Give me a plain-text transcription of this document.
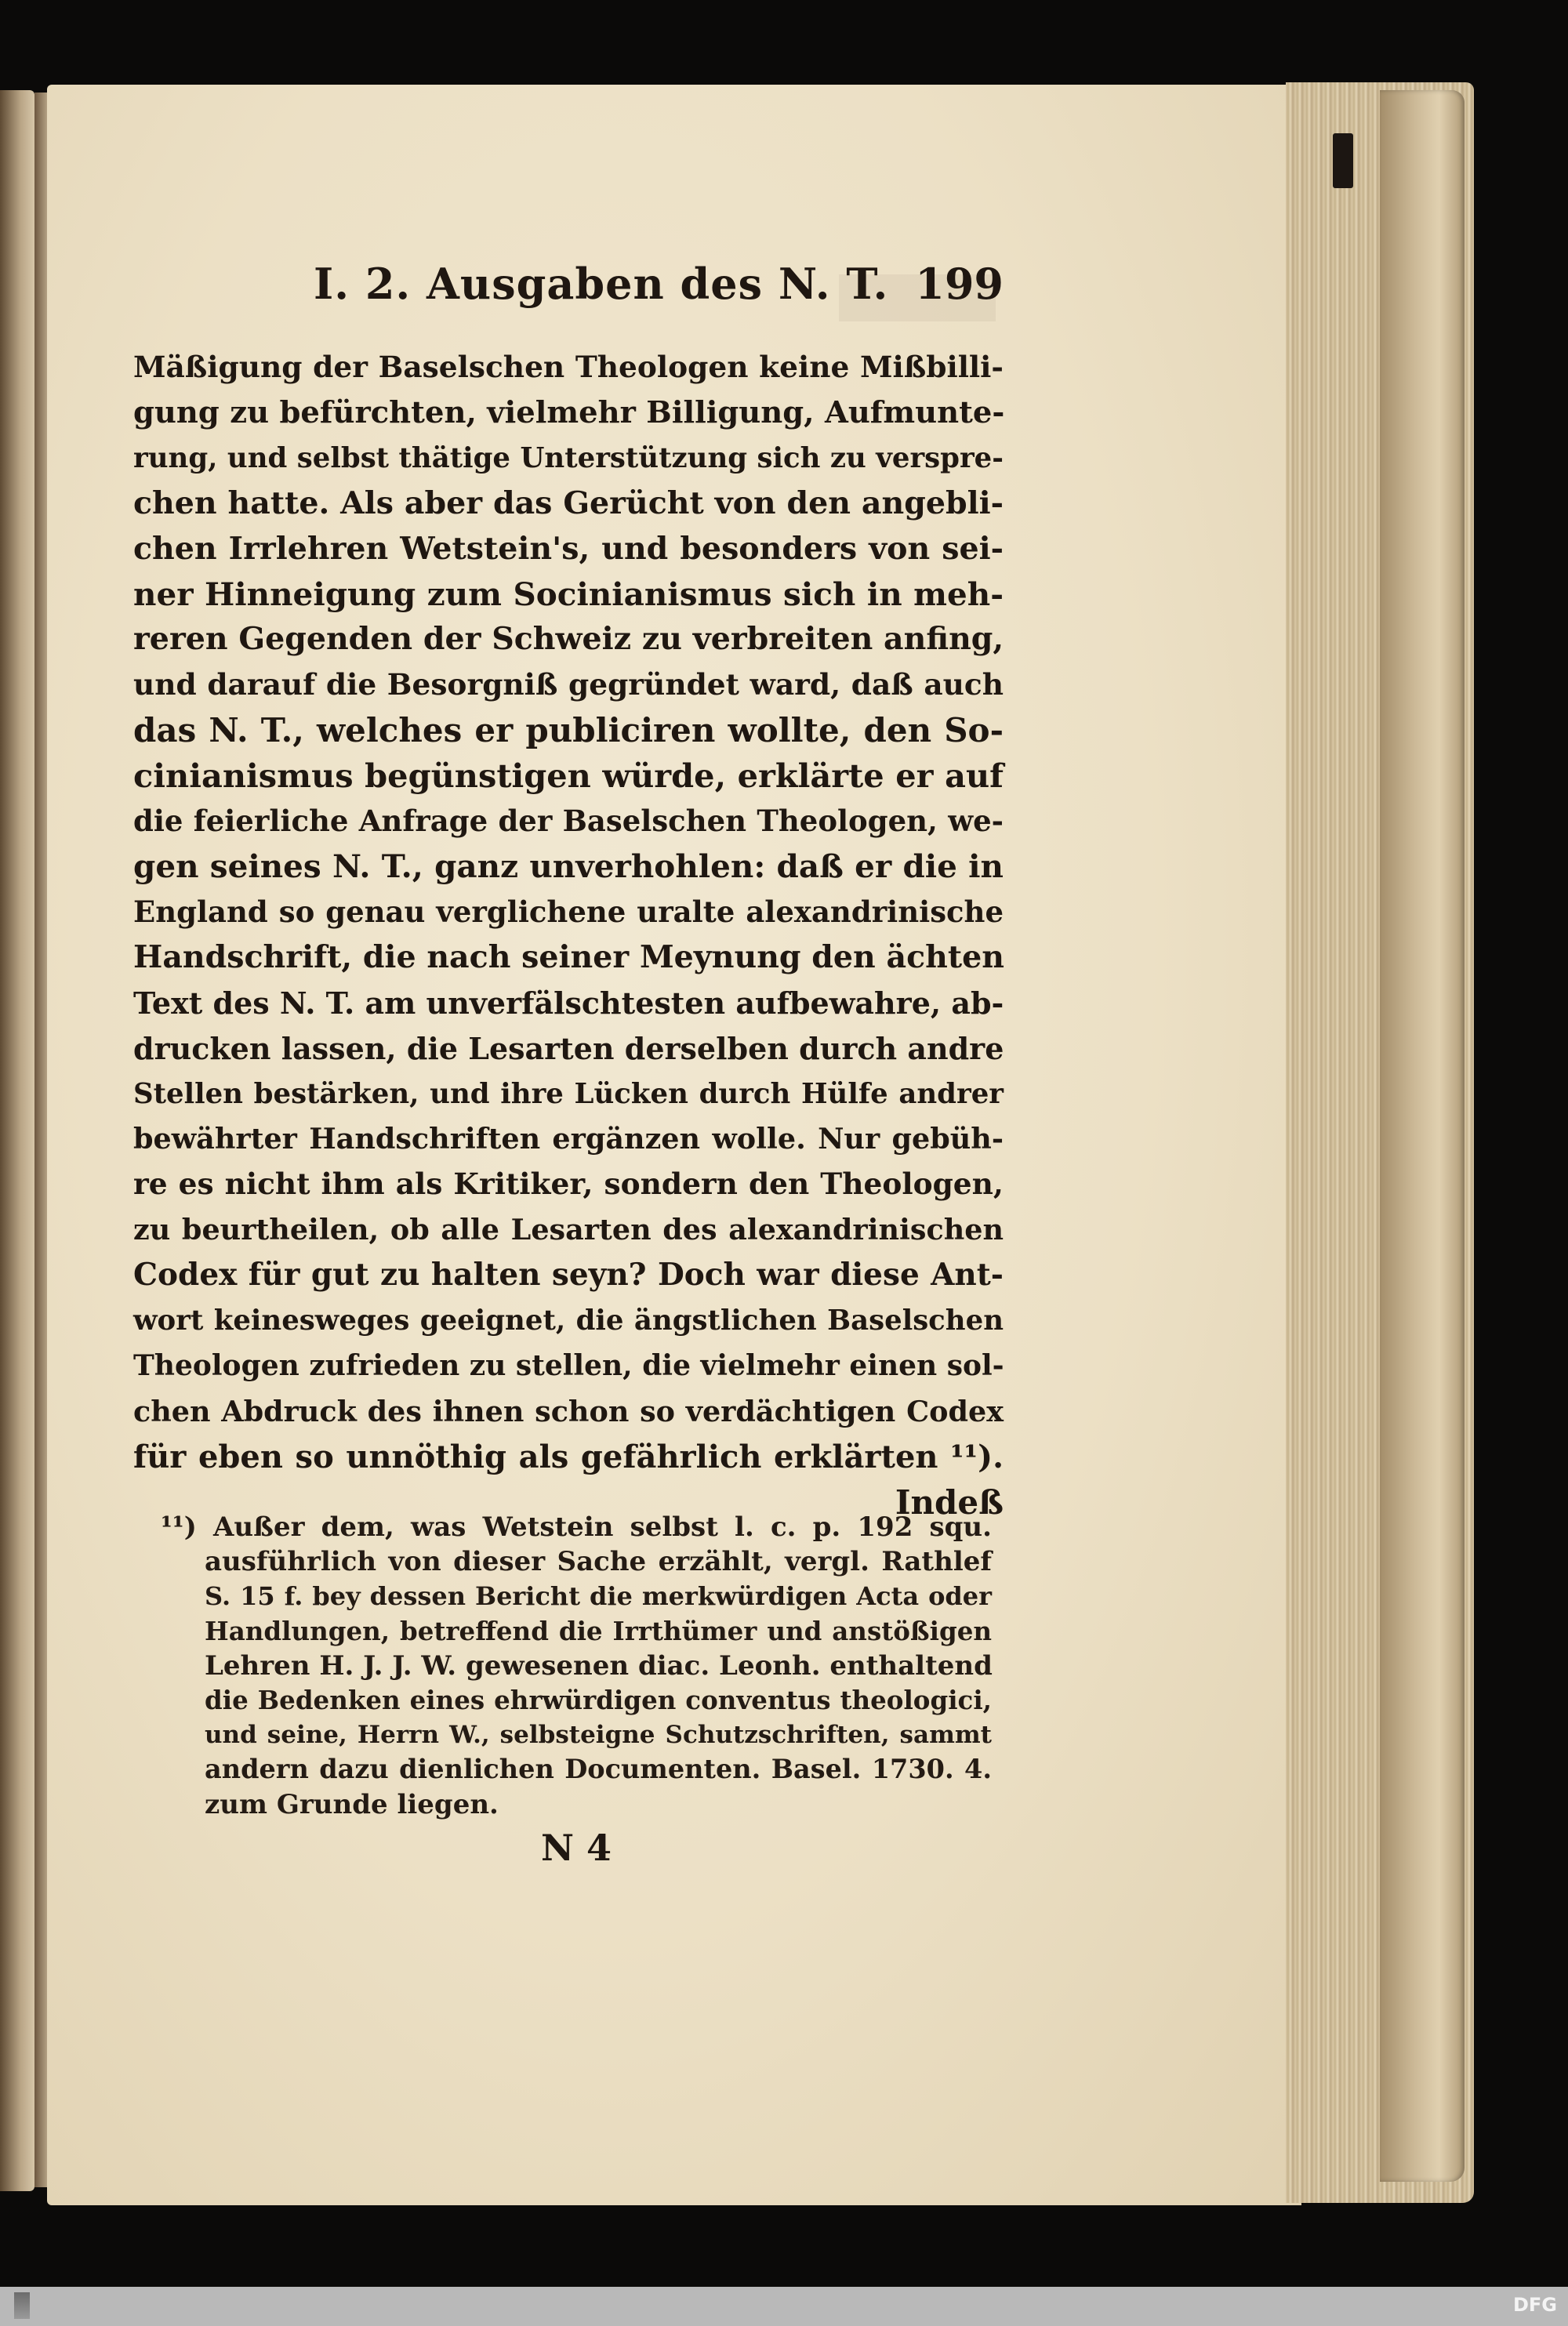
I. 2. Ausgaben des N. T. 199
Mäßigung der Baselschen Theologen keine Mißbilli-
gung zu befürchten, vielmehr Billigung, Aufmunte-
rung, und selbst thätige Unterstützung sich zu verspre-
chen hatte. Als aber das Gerücht von den angebli-
chen Irrlehren Wetstein's, und besonders von sei-
ner Hinneigung zum Socinianismus sich in meh-
reren Gegenden der Schweiz zu verbreiten anfing,
und darauf die Besorgniß gegründet ward, daß auch
das N. T., welches er publiciren wollte, den So-
cinianismus begünstigen würde, erklärte er auf
die feierliche Anfrage der Baselschen Theologen, we-
gen seines N. T., ganz unverhohlen: daß er die in
England so genau verglichene uralte alexandrinische
Handschrift, die nach seiner Meynung den ächten
Text des N. T. am unverfälschtesten aufbewahre, ab-
drucken lassen, die Lesarten derselben durch andre
Stellen bestärken, und ihre Lücken durch Hülfe andrer
bewährter Handschriften ergänzen wolle. Nur gebüh-
re es nicht ihm als Kritiker, sondern den Theologen,
zu beurtheilen, ob alle Lesarten des alexandrinischen
Codex für gut zu halten seyn? Doch war diese Ant-
wort keinesweges geeignet, die ängstlichen Baselschen
Theologen zufrieden zu stellen, die vielmehr einen sol-
chen Abdruck des ihnen schon so verdächtigen Codex
für eben so unnöthig als gefährlich erklärten ¹¹).
Indeß
¹¹) Außer dem, was Wetstein selbst l. c. p. 192 squ.
ausführlich von dieser Sache erzählt, vergl. Rathlef
S. 15 f. bey dessen Bericht die merkwürdigen Acta oder
Handlungen, betreffend die Irrthümer und anstößigen
Lehren H. J. J. W. gewesenen diac. Leonh. enthaltend
die Bedenken eines ehrwürdigen conventus theologici,
und seine, Herrn W., selbsteigne Schutzschriften, sammt
andern dazu dienlichen Documenten. Basel. 1730. 4.
zum Grunde liegen.
N 4
DFG
